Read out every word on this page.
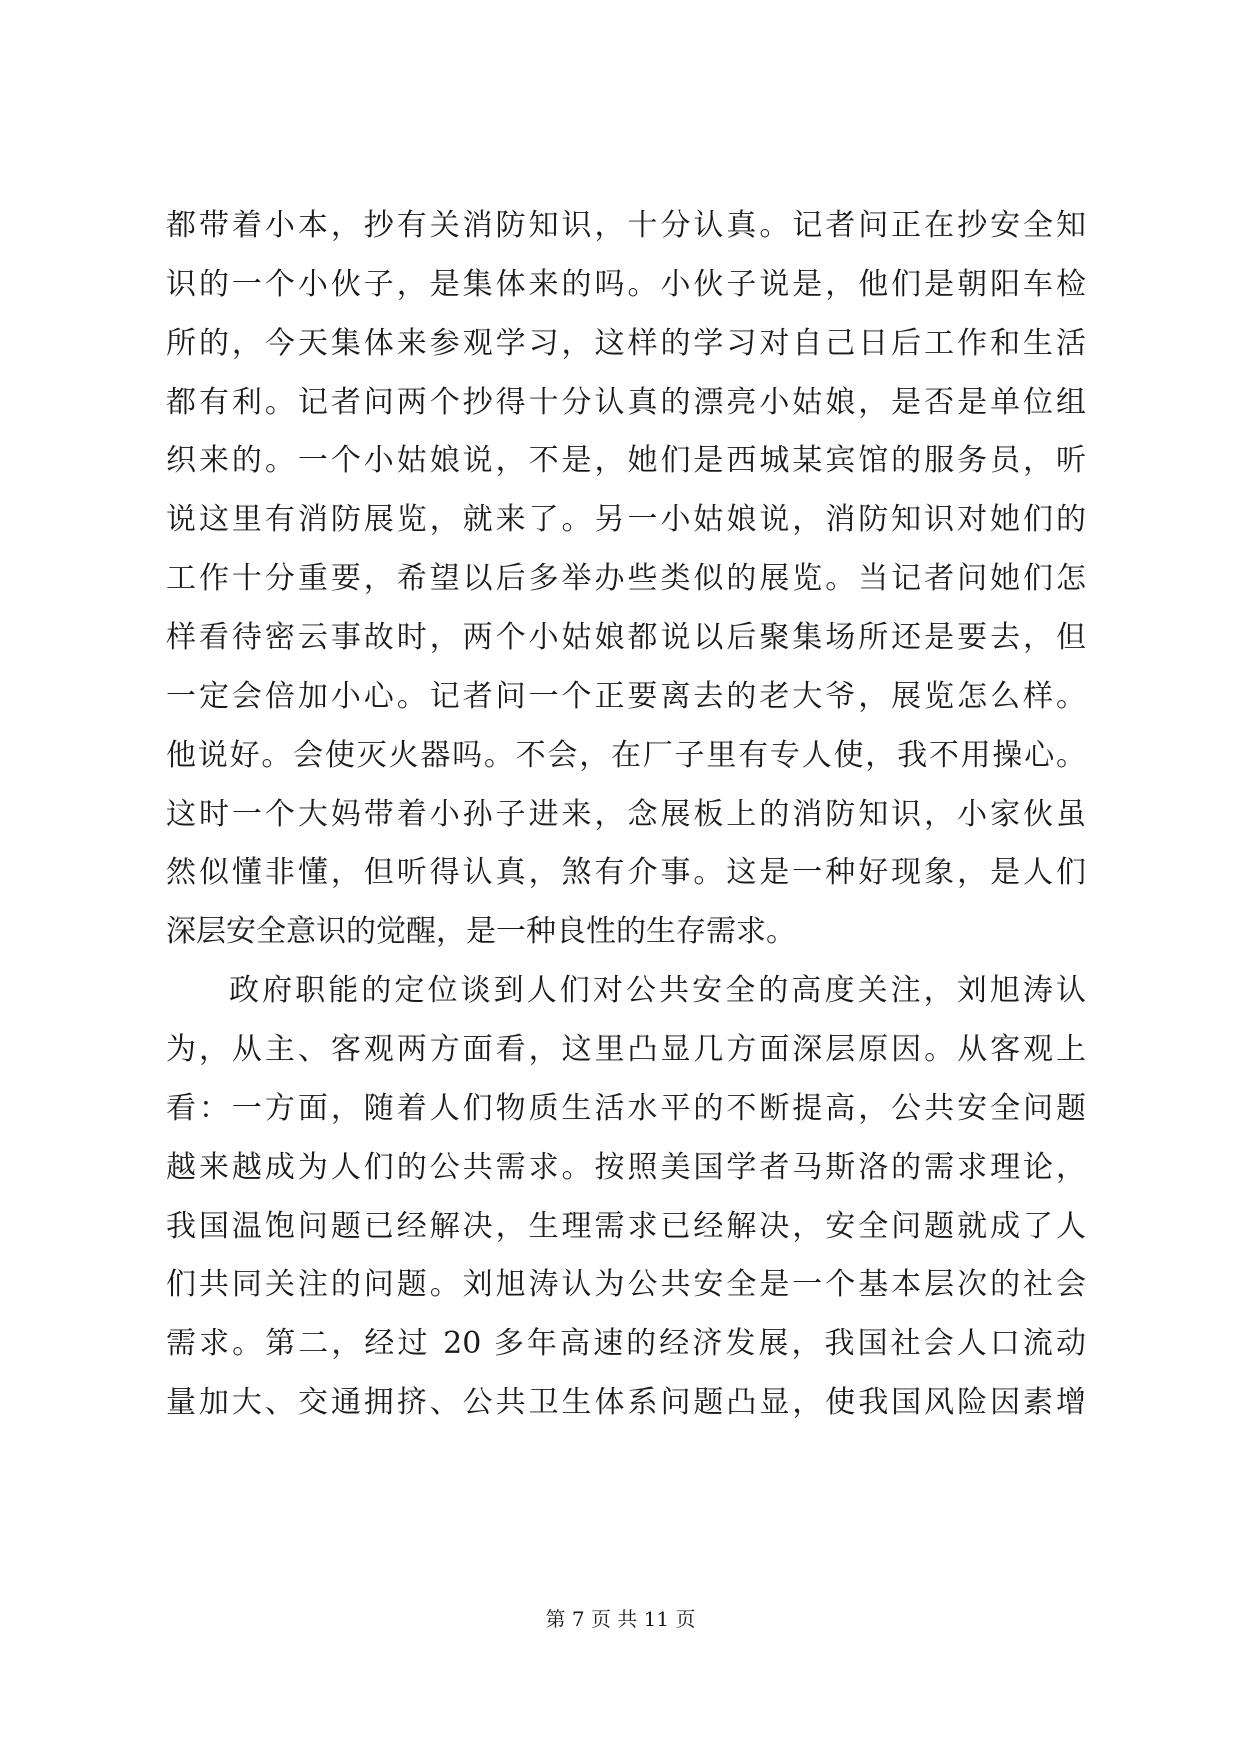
都带着小本，抄有关消防知识，十分认真。记者问正在抄安全知
识的一个小伙子，是集体来的吗。小伙子说是，他们是朝阳车检
所的，今天集体来参观学习，这样的学习对自己日后工作和生活
都有利。记者问两个抄得十分认真的漂亮小姑娘，是否是单位组
织来的。一个小姑娘说，不是，她们是西城某宾馆的服务员，听
说这里有消防展览，就来了。另一小姑娘说，消防知识对她们的
工作十分重要，希望以后多举办些类似的展览。当记者问她们怎
样看待密云事故时，两个小姑娘都说以后聚集场所还是要去，但
一定会倍加小心。记者问一个正要离去的老大爷，展览怎么样。
他说好。会使灭火器吗。不会，在厂子里有专人使，我不用操心。
这时一个大妈带着小孙子进来，念展板上的消防知识，小家伙虽
然似懂非懂，但听得认真，煞有介事。这是一种好现象，是人们
深层安全意识的觉醒，是一种良性的生存需求。
政府职能的定位谈到人们对公共安全的高度关注，刘旭涛认
为，从主、客观两方面看，这里凸显几方面深层原因。从客观上
看：一方面，随着人们物质生活水平的不断提高，公共安全问题
越来越成为人们的公共需求。按照美国学者马斯洛的需求理论，
我国温饱问题已经解决，生理需求已经解决，安全问题就成了人
们共同关注的问题。刘旭涛认为公共安全是一个基本层次的社会
需求。第二，经过 20 多年高速的经济发展，我国社会人口流动
量加大、交通拥挤、公共卫生体系问题凸显，使我国风险因素增
第 7 页 共 11 页
